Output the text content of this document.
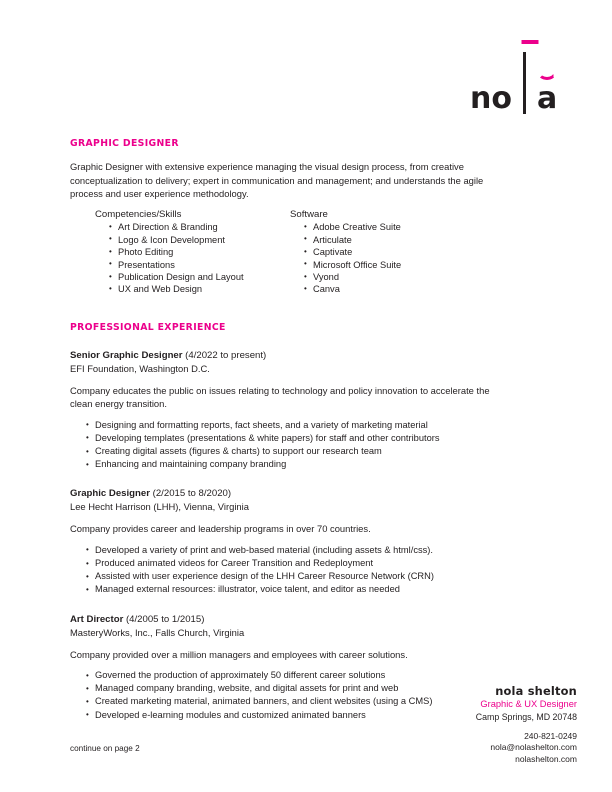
no a
GRAPHIC DESIGNER

Graphic Designer with extensive experience managing the visual design process, from creative conceptualization to delivery; expert in communication and management; and understands the agile process and user experience methodology.

Competencies/Skills
• Art Direction & Branding
• Logo & Icon Development
• Photo Editing
• Presentations
• Publication Design and Layout
• UX and Web Design
Software
• Adobe Creative Suite
• Articulate
• Captivate
• Microsoft Office Suite
• Vyond
• Canva
PROFESSIONAL EXPERIENCE
Senior Graphic Designer (4/2022 to present)
EFI Foundation, Washington D.C.
Company educates the public on issues relating to technology and policy innovation to accelerate the clean energy transition.
• Designing and formatting reports, fact sheets, and a variety of marketing material
• Developing templates (presentations & white papers) for staff and other contributors
• Creating digital assets (figures & charts) to support our research team
• Enhancing and maintaining company branding
Graphic Designer (2/2015 to 8/2020)
Lee Hecht Harrison (LHH), Vienna, Virginia
Company provides career and leadership programs in over 70 countries.
• Developed a variety of print and web-based material (including assets & html/css).
• Produced animated videos for Career Transition and Redeployment
• Assisted with user experience design of the LHH Career Resource Network (CRN)
• Managed external resources: illustrator, voice talent, and editor as needed
Art Director (4/2005 to 1/2015)
MasteryWorks, Inc., Falls Church, Virginia
Company provided over a million managers and employees with career solutions.
• Governed the production of approximately 50 different career solutions
• Managed company branding, website, and digital assets for print and web
• Created marketing material, animated banners, and client websites (using a CMS)
• Developed e-learning modules and customized animated banners
nola shelton
Graphic & UX Designer
Camp Springs, MD 20748
240-821-0249
nola@nolashelton.com
nolashelton.com
continue on page 2
